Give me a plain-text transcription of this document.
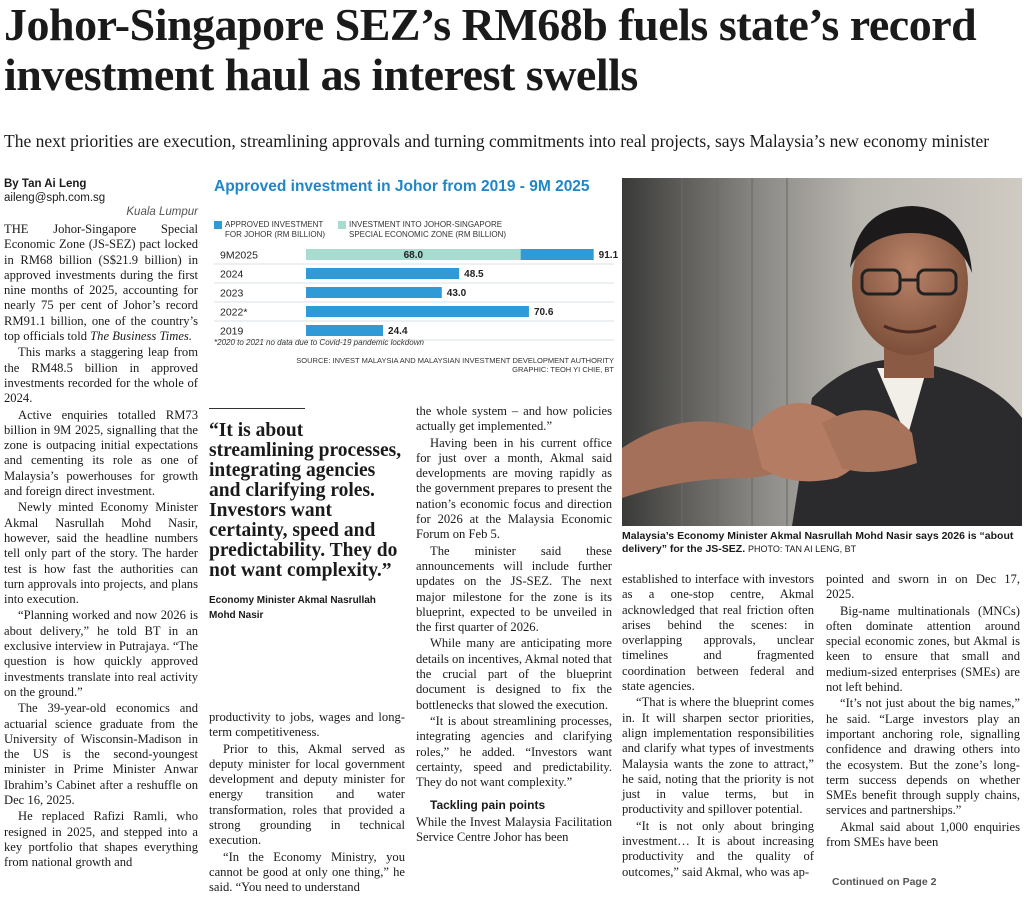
Johor-Singapore SEZ’s RM68b fuels state’s record investment haul as interest swells
The next priorities are execution, streamlining approvals and turning commitments into real projects, says Malaysia’s new economy minister
By Tan Ai Leng
aileng@sph.com.sg
Kuala Lumpur

THE Johor-Singapore Special Economic Zone (JS-SEZ) pact locked in RM68 billion (S$21.9 billion) in approved investments during the first nine months of 2025, accounting for nearly 75 per cent of Johor’s record RM91.1 billion, one of the country’s top officials told The Business Times.

This marks a staggering leap from the RM48.5 billion in approved investments recorded for the whole of 2024.

Active enquiries totalled RM73 billion in 9M 2025, signalling that the zone is outpacing initial expectations and cementing its role as one of Malaysia’s powerhouses for growth and foreign direct investment.

Newly minted Economy Minister Akmal Nasrullah Mohd Nasir, however, said the headline numbers tell only part of the story. The harder test is how fast the authorities can turn approvals into projects, and plans into execution.

“Planning worked and now 2026 is about delivery,” he told BT in an exclusive interview in Putrajaya. “The question is how quickly approved investments translate into real activity on the ground.”

The 39-year-old economics and actuarial science graduate from the University of Wisconsin-Madison in the US is the second-youngest minister in Prime Minister Anwar Ibrahim’s Cabinet after a reshuffle on Dec 16, 2025.

He replaced Rafizi Ramli, who resigned in 2025, and stepped into a key portfolio that shapes everything from national growth and

Approved investment in Johor from 2019 - 9M 2025
APPROVED INVESTMENT FOR JOHOR (RM BILLION)
INVESTMENT INTO JOHOR-SINGAPORE SPECIAL ECONOMIC ZONE (RM BILLION)
9M2025	68.0	91.1
2024	48.5
2023	43.0
2022*	70.6
2019	24.4
*2020 to 2021 no data due to Covid-19 pandemic lockdown
SOURCE: INVEST MALAYSIA AND MALAYSIAN INVESTMENT DEVELOPMENT AUTHORITY
GRAPHIC: TEOH YI CHIE, BT
Malaysia’s Economy Minister Akmal Nasrullah Mohd Nasir says 2026 is “about delivery” for the JS-SEZ. PHOTO: TAN AI LENG, BT
“It is about streamlining processes, integrating agencies and clarifying roles. Investors want certainty, speed and predictability. They do not want complexity.”
Economy Minister Akmal Nasrullah Mohd Nasir

productivity to jobs, wages and long-term competitiveness.

Prior to this, Akmal served as deputy minister for local government development and deputy minister for energy transition and water transformation, roles that provided a strong grounding in technical execution.

“In the Economy Ministry, you cannot be good at only one thing,” he said. “You need to understand

the whole system – and how policies actually get implemented.”

Having been in his current office for just over a month, Akmal said developments are moving rapidly as the government prepares to present the nation’s economic focus and direction for 2026 at the Malaysia Economic Forum on Feb 5.

The minister said these announcements will include further updates on the JS-SEZ. The next major milestone for the zone is its blueprint, expected to be unveiled in the first quarter of 2026.

While many are anticipating more details on incentives, Akmal noted that the crucial part of the blueprint document is designed to fix the bottlenecks that slowed the execution.

“It is about streamlining processes, integrating agencies and clarifying roles,” he added. “Investors want certainty, speed and predictability. They do not want complexity.”

Tackling pain points

While the Invest Malaysia Facilitation Service Centre Johor has been

established to interface with investors as a one-stop centre, Akmal acknowledged that real friction often arises behind the scenes: in overlapping approvals, unclear timelines and fragmented coordination between federal and state agencies.

“That is where the blueprint comes in. It will sharpen sector priorities, align implementation responsibilities and clarify what types of investments Malaysia wants the zone to attract,” he said, noting that the priority is not just in value terms, but in productivity and spillover potential.

“It is not only about bringing investment… It is about increasing productivity and the quality of outcomes,” said Akmal, who was ap-

pointed and sworn in on Dec 17, 2025.

Big-name multinationals (MNCs) often dominate attention around special economic zones, but Akmal is keen to ensure that small and medium-sized enterprises (SMEs) are not left behind.

“It’s not just about the big names,” he said. “Large investors play an important anchoring role, signalling confidence and drawing others into the ecosystem. But the zone’s long-term success depends on whether SMEs benefit through supply chains, services and partnerships.”

Akmal said about 1,000 enquiries from SMEs have been

Continued on Page 2
